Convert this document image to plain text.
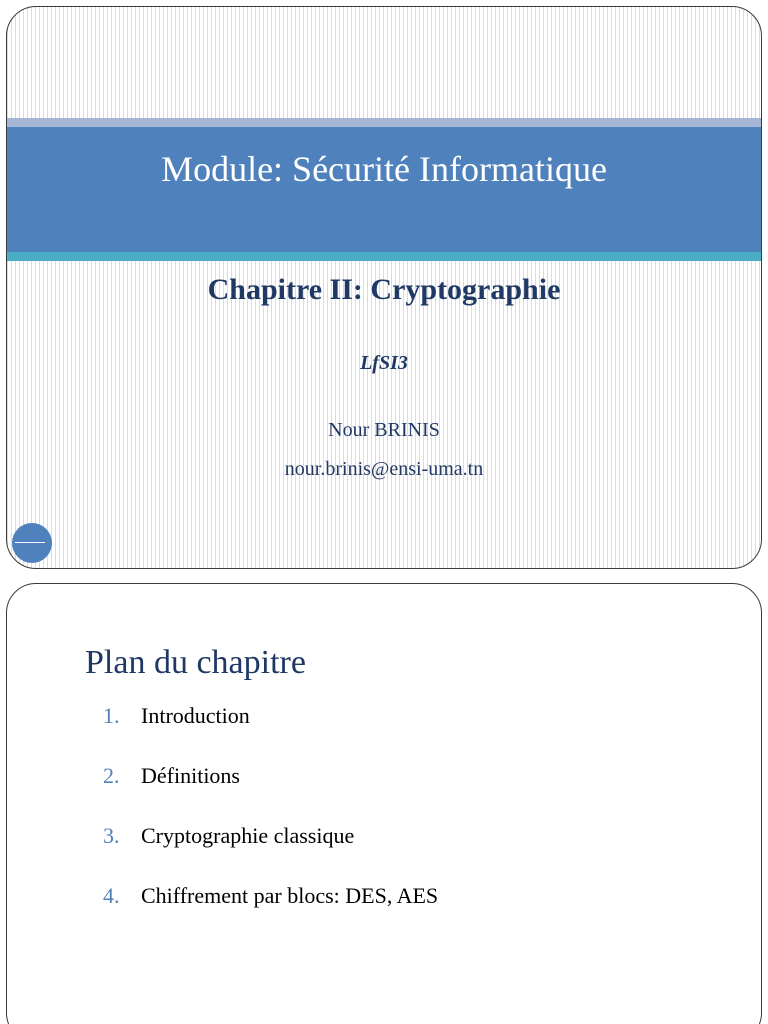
Module: Sécurité Informatique
Chapitre II: Cryptographie
LfSI3
Nour BRINIS
nour.brinis@ensi-uma.tn
1
Plan du chapitre
1. Introduction
2. Définitions
3. Cryptographie classique
4. Chiffrement par blocs: DES, AES
